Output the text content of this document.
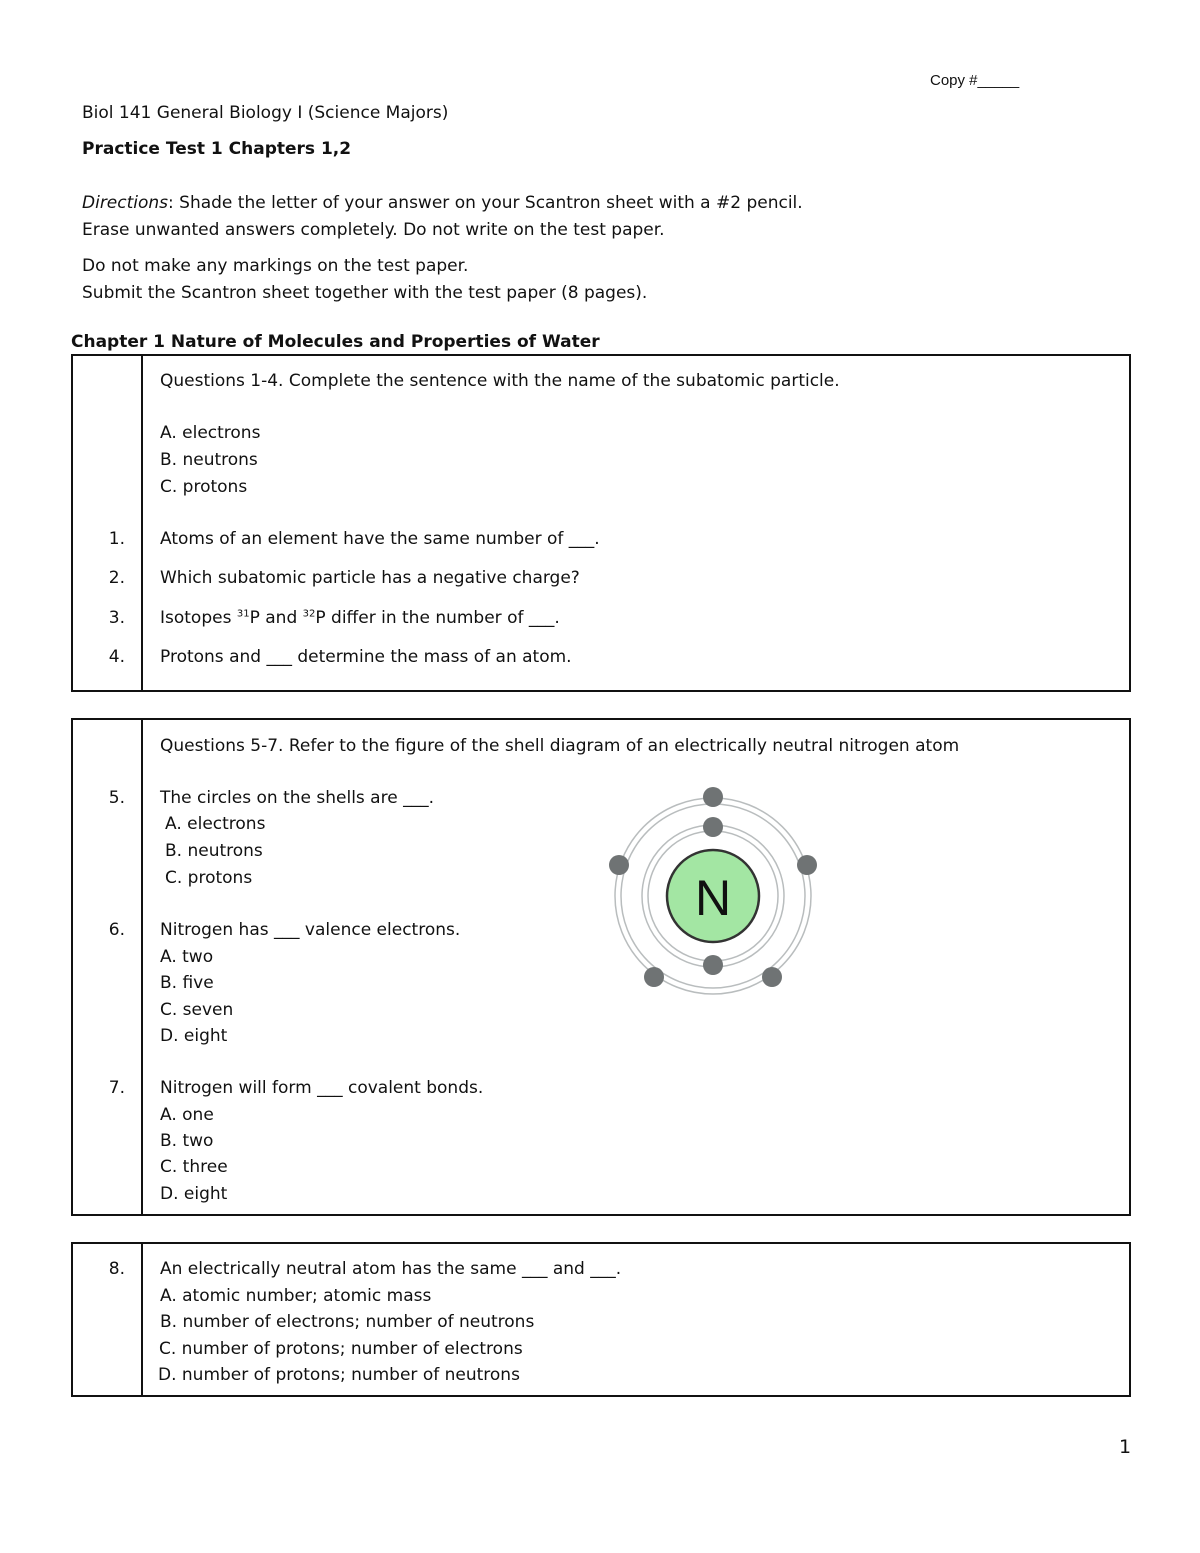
Copy #_____
Biol 141 General Biology I (Science Majors)
Practice Test 1 Chapters 1,2
Directions: Shade the letter of your answer on your Scantron sheet with a #2 pencil.
Erase unwanted answers completely. Do not write on the test paper.
Do not make any markings on the test paper.
Submit the Scantron sheet together with the test paper (8 pages).
Chapter 1 Nature of Molecules and Properties of Water
Questions 1-4. Complete the sentence with the name of the subatomic particle.
A. electrons
B. neutrons
C. protons
1. Atoms of an element have the same number of ___.
2. Which subatomic particle has a negative charge?
3. Isotopes $^{31}$P and $^{32}$P differ in the number of ___.
4. Protons and ___ determine the mass of an atom.
Questions 5-7. Refer to the figure of the shell diagram of an electrically neutral nitrogen atom
5. The circles on the shells are ___.
A. electrons
B. neutrons
C. protons
6. Nitrogen has ___ valence electrons.
A. two
B. five
C. seven
D. eight
7. Nitrogen will form ___ covalent bonds.
A. one
B. two
C. three
D. eight
N
8. An electrically neutral atom has the same ___ and ___.
A. atomic number; atomic mass
B. number of electrons; number of neutrons
C. number of protons; number of electrons
D. number of protons; number of neutrons
1
